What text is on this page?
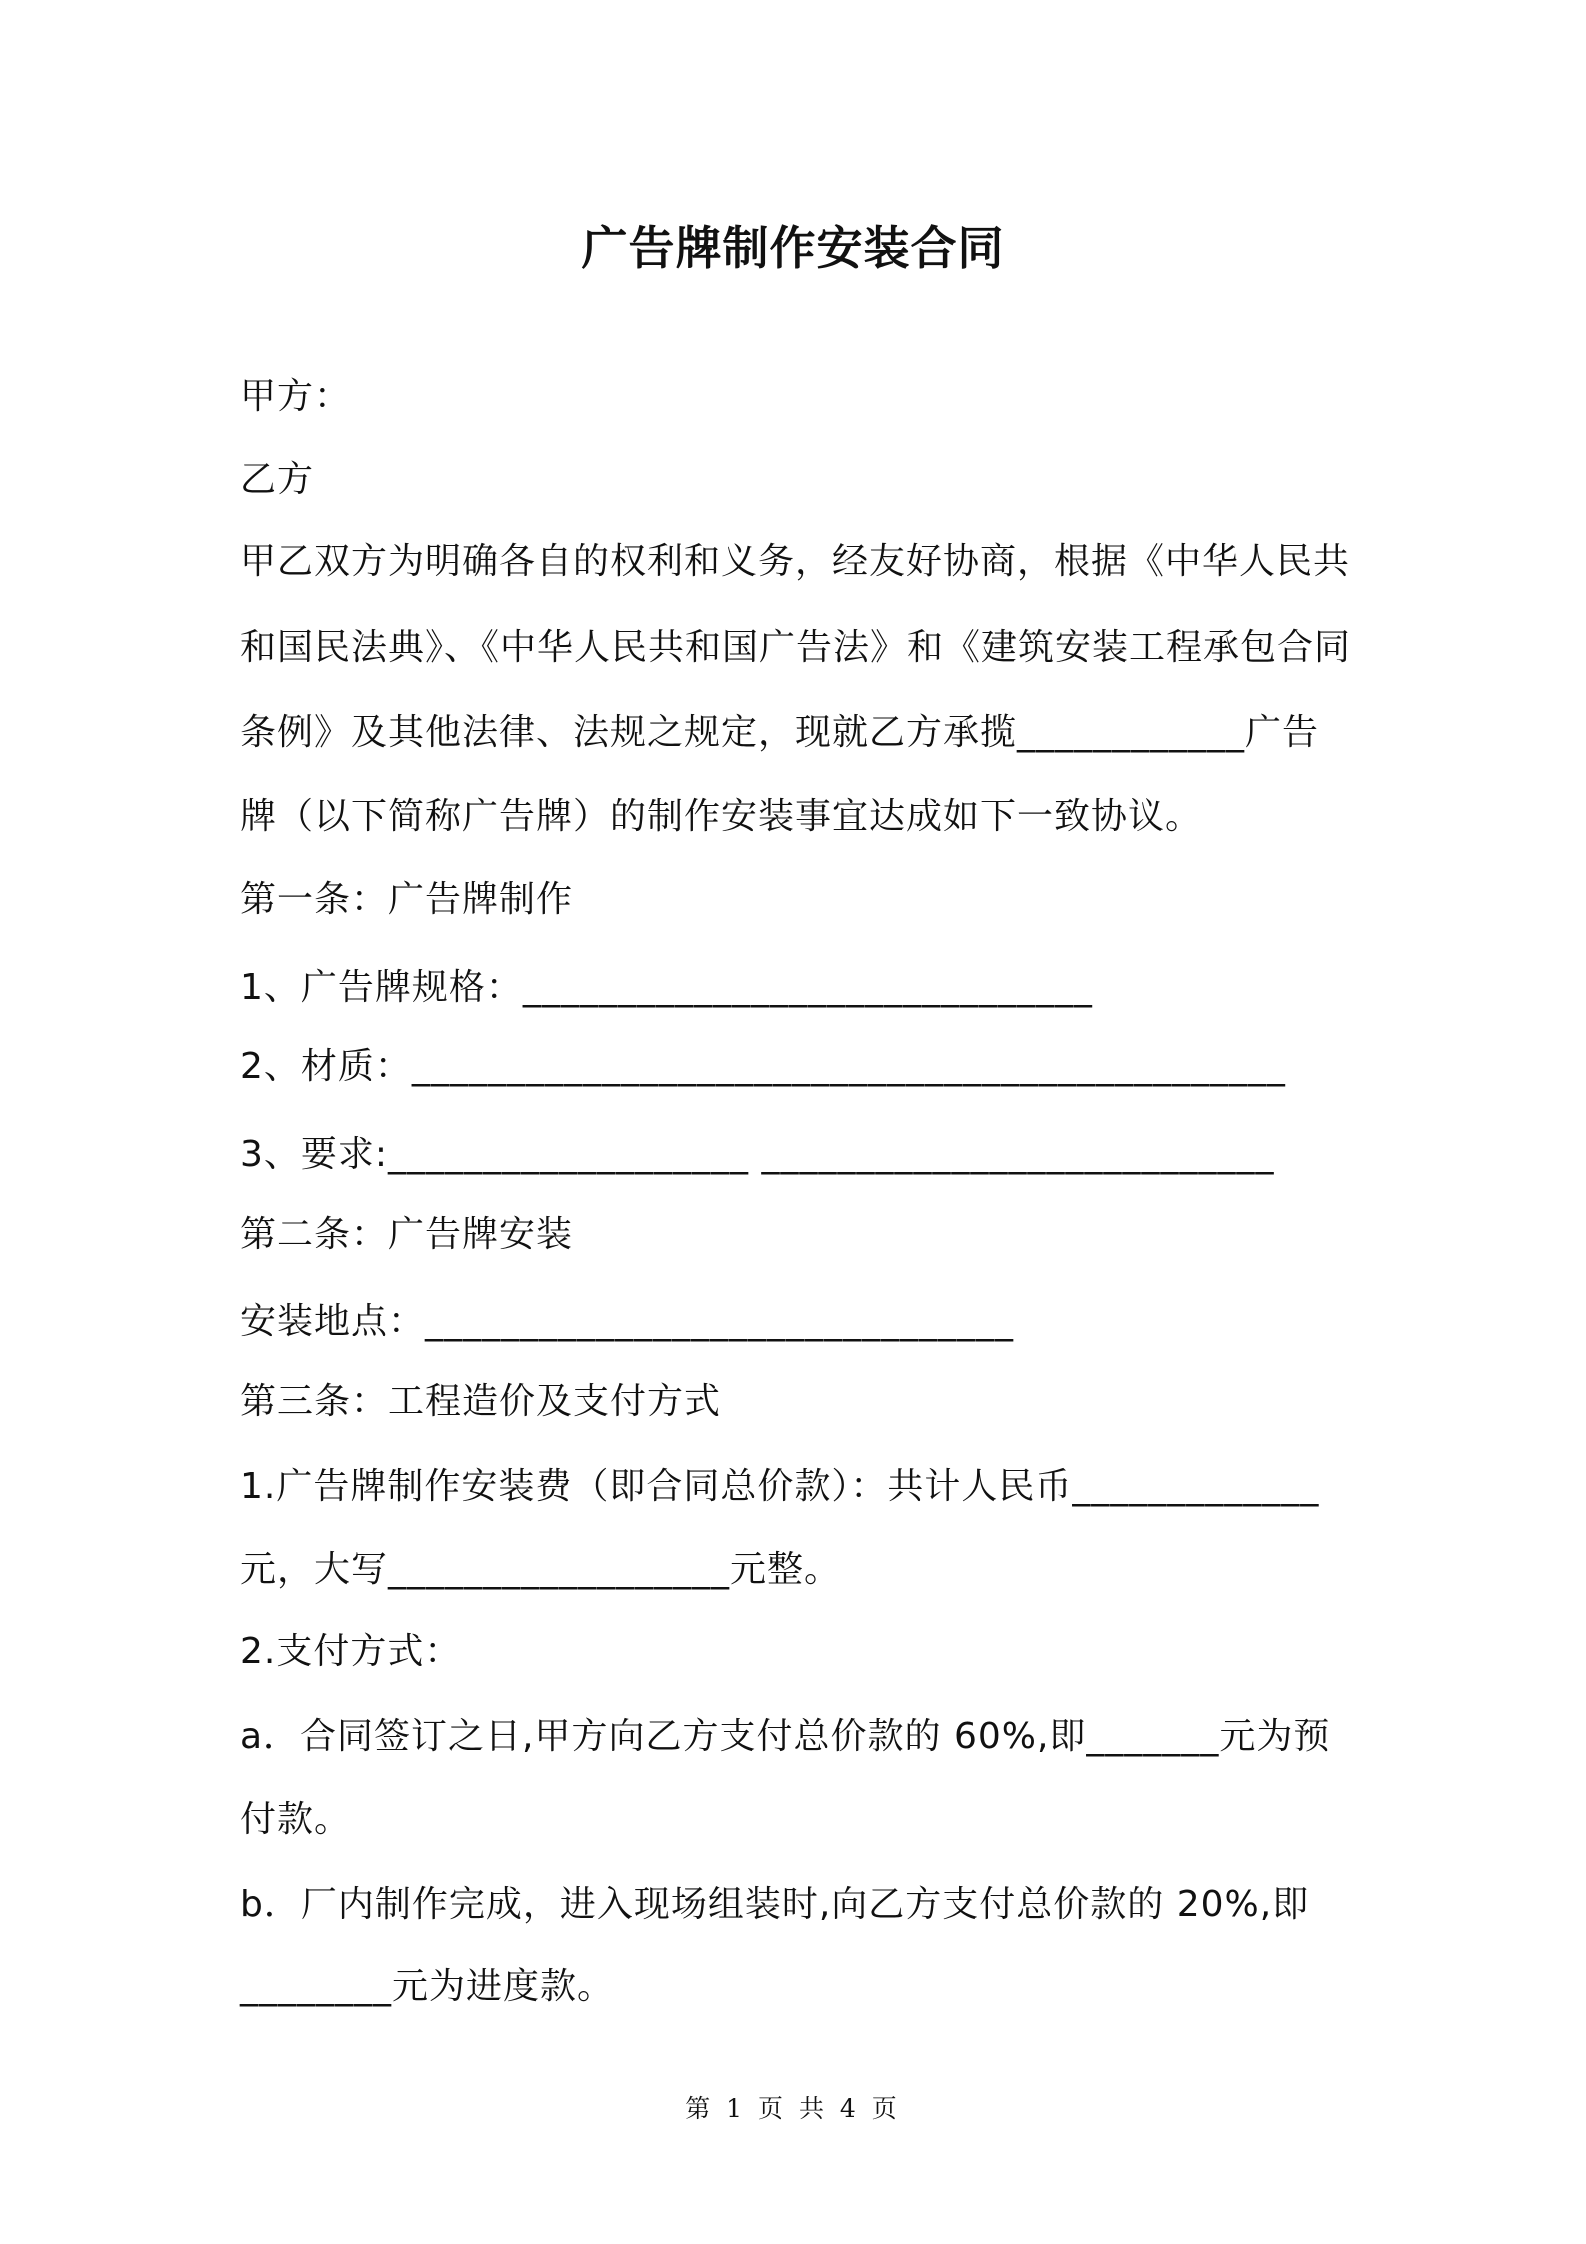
广告牌制作安装合同
甲方：
乙方
甲乙双方为明确各自的权利和义务，经友好协商，根据《中华人民共
和国民法典》、《中华人民共和国广告法》和《建筑安装工程承包合同
条例》及其他法律、法规之规定，现就乙方承揽____________广告
牌（以下简称广告牌）的制作安装事宜达成如下一致协议。
第一条：广告牌制作
1、广告牌规格：______________________________
2、材质：______________________________________________
3、要求:___________________ ___________________________
第二条：广告牌安装
安装地点：_______________________________
第三条：工程造价及支付方式
1.广告牌制作安装费（即合同总价款）：共计人民币_____________
元，大写__________________元整。
2.支付方式：
a．合同签订之日,甲方向乙方支付总价款的 60%,即_______元为预
付款。
b．厂内制作完成，进入现场组装时,向乙方支付总价款的 20%,即
________元为进度款。
第 1 页 共 4 页
